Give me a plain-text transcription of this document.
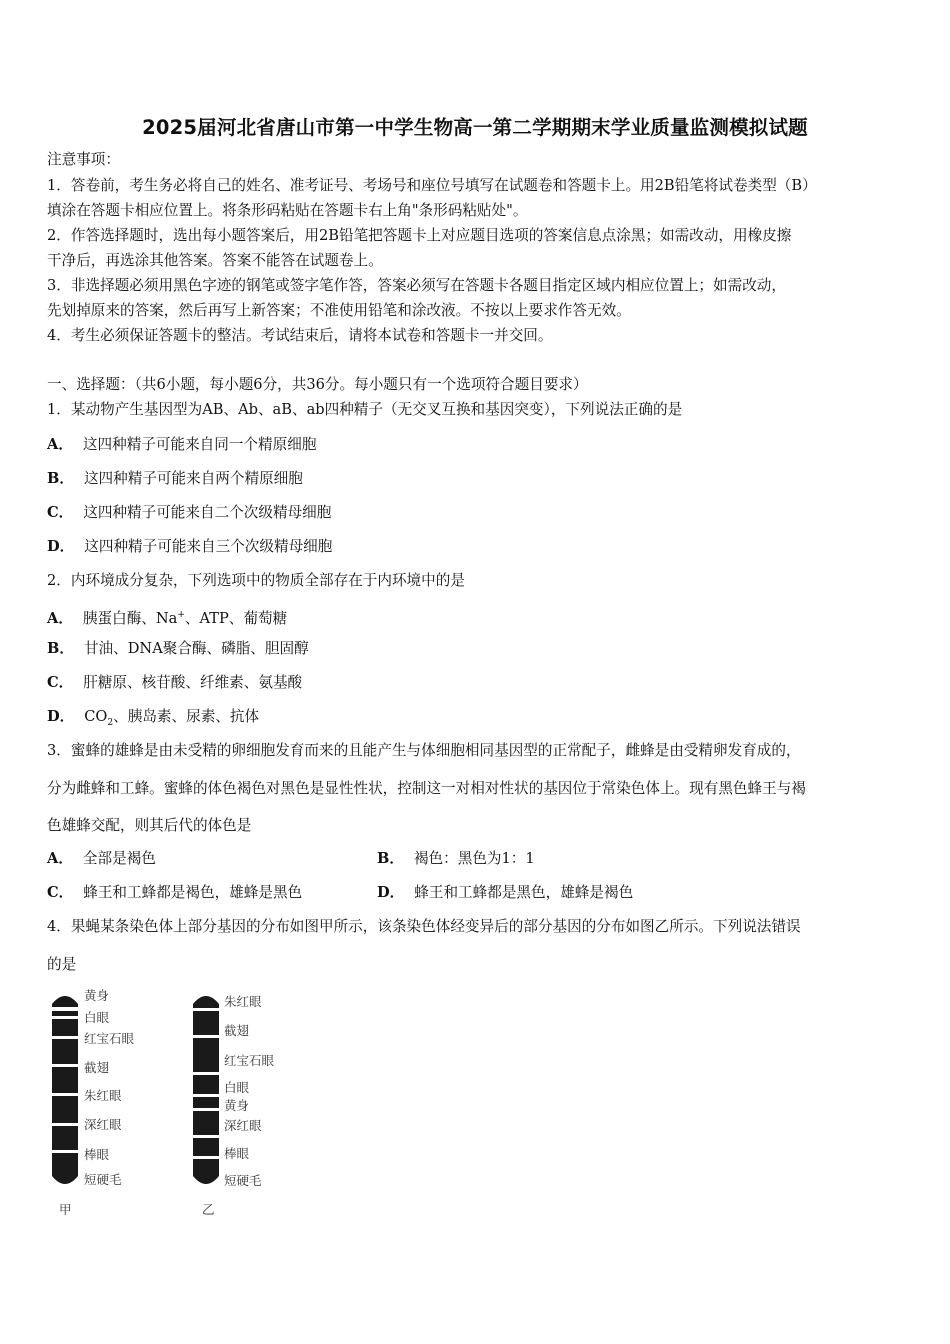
2025届河北省唐山市第一中学生物高一第二学期期末学业质量监测模拟试题
注意事项：
1．答卷前，考生务必将自己的姓名、准考证号、考场号和座位号填写在试题卷和答题卡上。用2B铅笔将试卷类型（B）
填涂在答题卡相应位置上。将条形码粘贴在答题卡右上角"条形码粘贴处"。
2．作答选择题时，选出每小题答案后，用2B铅笔把答题卡上对应题目选项的答案信息点涂黑；如需改动，用橡皮擦
干净后，再选涂其他答案。答案不能答在试题卷上。
3．非选择题必须用黑色字迹的钢笔或签字笔作答，答案必须写在答题卡各题目指定区域内相应位置上；如需改动，
先划掉原来的答案，然后再写上新答案；不准使用铅笔和涂改液。不按以上要求作答无效。
4．考生必须保证答题卡的整洁。考试结束后，请将本试卷和答题卡一并交回。
一、选择题：（共6小题，每小题6分，共36分。每小题只有一个选项符合题目要求）
1．某动物产生基因型为AB、Ab、aB、ab四种精子（无交叉互换和基因突变），下列说法正确的是
A． 这四种精子可能来自同一个精原细胞
B． 这四种精子可能来自两个精原细胞
C． 这四种精子可能来自二个次级精母细胞
D． 这四种精子可能来自三个次级精母细胞
2．内环境成分复杂，下列选项中的物质全部存在于内环境中的是
A． 胰蛋白酶、Na+、ATP、葡萄糖
B． 甘油、DNA聚合酶、磷脂、胆固醇
C． 肝糖原、核苷酸、纤维素、氨基酸
D． $CO_2$、胰岛素、尿素、抗体
3．蜜蜂的雄蜂是由未受精的卵细胞发育而来的且能产生与体细胞相同基因型的正常配子，雌蜂是由受精卵发育成的，
分为雌蜂和工蜂。蜜蜂的体色褐色对黑色是显性性状，控制这一对相对性状的基因位于常染色体上。现有黑色蜂王与褐
色雄蜂交配，则其后代的体色是
A． 全部是褐色	B． 褐色：黑色为1：1
C． 蜂王和工蜂都是褐色，雄蜂是黑色	D． 蜂王和工蜂都是黑色，雄蜂是褐色
4．果蝇某条染色体上部分基因的分布如图甲所示，该条染色体经变异后的部分基因的分布如图乙所示。下列说法错误
的是
黄身
白眼
红宝石眼
截翅
朱红眼
深红眼
棒眼
短硬毛
甲
朱红眼
截翅
红宝石眼
白眼
黄身
深红眼
棒眼
短硬毛
乙
